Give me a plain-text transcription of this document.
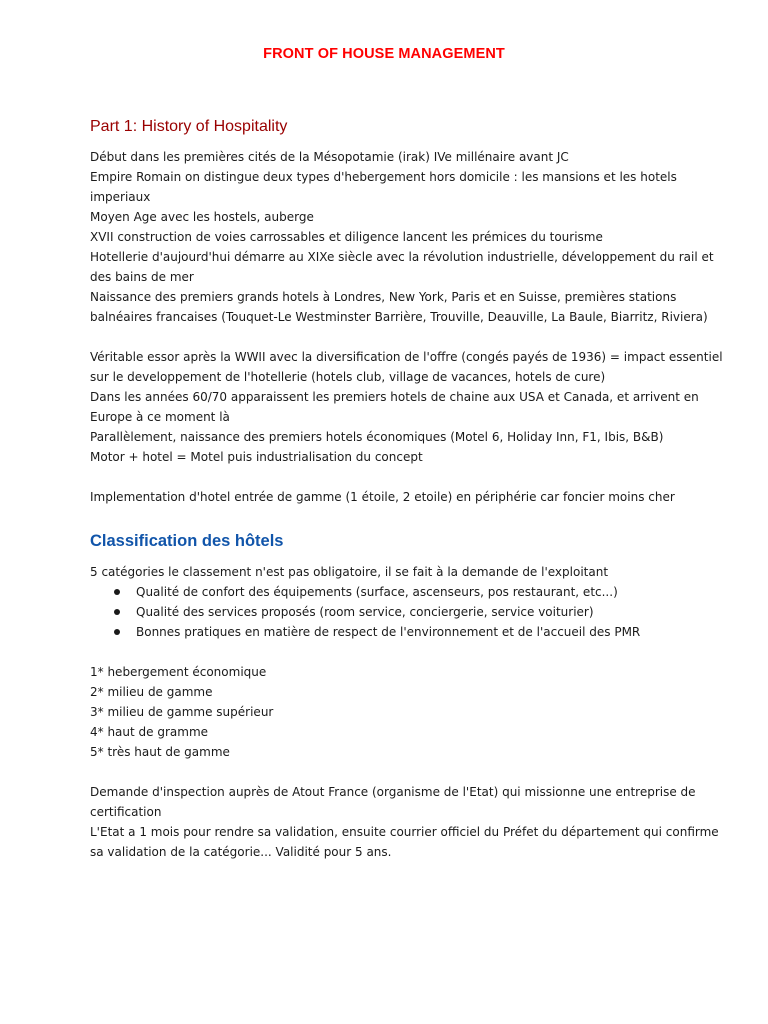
FRONT OF HOUSE MANAGEMENT
Part 1: History of Hospitality
Début dans les premières cités de la Mésopotamie (irak) IVe millénaire avant JC
Empire Romain on distingue deux types d'hebergement hors domicile : les mansions et les hotels
imperiaux
Moyen Age avec les hostels, auberge
XVII construction de voies carrossables et diligence lancent les prémices du tourisme
Hotellerie d'aujourd'hui démarre au XIXe siècle avec la révolution industrielle, développement du rail et
des bains de mer
Naissance des premiers grands hotels à Londres, New York, Paris et en Suisse, premières stations
balnéaires francaises (Touquet-Le Westminster Barrière, Trouville, Deauville, La Baule, Biarritz, Riviera)
Véritable essor après la WWII avec la diversification de l'offre (congés payés de 1936) = impact essentiel
sur le developpement de l'hotellerie (hotels club, village de vacances, hotels de cure)
Dans les années 60/70 apparaissent les premiers hotels de chaine aux USA et Canada, et arrivent en
Europe à ce moment là
Parallèlement, naissance des premiers hotels économiques (Motel 6, Holiday Inn, F1, Ibis, B&B)
Motor + hotel = Motel puis industrialisation du concept
Implementation d'hotel entrée de gamme (1 étoile, 2 etoile) en périphérie car foncier moins cher
Classification des hôtels
5 catégories le classement n'est pas obligatoire, il se fait à la demande de l'exploitant
Qualité de confort des équipements (surface, ascenseurs, pos restaurant, etc...)
Qualité des services proposés (room service, conciergerie, service voiturier)
Bonnes pratiques en matière de respect de l'environnement et de l'accueil des PMR
1* hebergement économique
2* milieu de gamme
3* milieu de gamme supérieur
4* haut de gramme
5* très haut de gamme
Demande d'inspection auprès de Atout France (organisme de l'Etat) qui missionne une entreprise de
certification
L'Etat a 1 mois pour rendre sa validation, ensuite courrier officiel du Préfet du département qui confirme
sa validation de la catégorie... Validité pour 5 ans.
